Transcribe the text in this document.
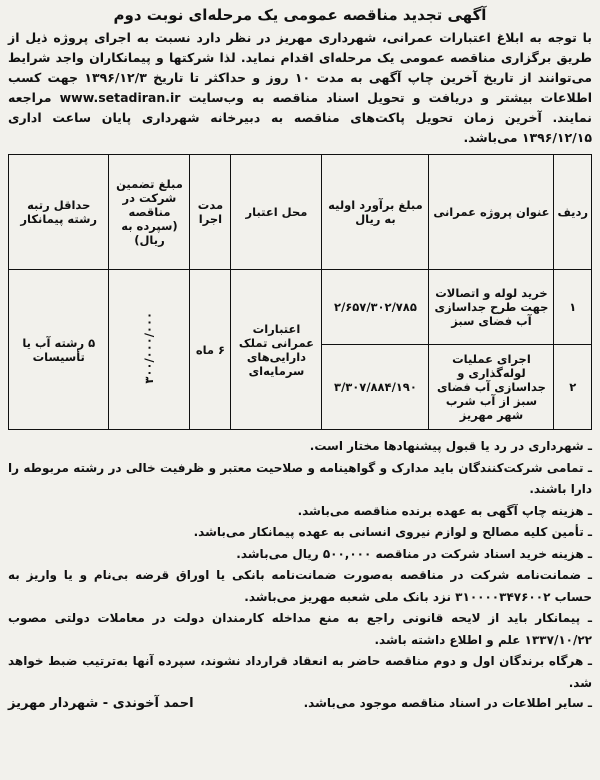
آگهی تجدید مناقصه عمومی یک مرحله‌ای نوبت دوم
با توجه به ابلاغ اعتبارات عمرانی، شهرداری مهریز در نظر دارد نسبت به اجرای پروژه ذیل از طریق برگزاری مناقصه عمومی یک مرحله‌ای اقدام نماید. لذا شرکتها و پیمانکاران واجد شرایط می‌توانند از تاریخ آخرین چاپ آگهی به مدت ۱۰ روز و حداکثر تا تاریخ ۱۳۹۶/۱۲/۳ جهت کسب اطلاعات بیشتر و دریافت و تحویل اسناد مناقصه به وب‌سایت www.setadiran.ir مراجعه نمایند. آخرین زمان تحویل پاکت‌های مناقصه به دبیرخانه شهرداری پایان ساعت اداری ۱۳۹۶/۱۲/۱۵ می‌باشد.
ردیف	عنوان پروژه عمرانی	مبلغ برآورد اولیه به ریال	محل اعتبار	مدت اجرا	مبلغ تضمین شرکت در مناقصه (سپرده به ریال)	حداقل رتبه رشته پیمانکار
۱	خرید لوله و اتصالات جهت طرح جداسازی آب فضای سبز	۲/۶۵۷/۳۰۲/۷۸۵	اعتبارات عمرانی تملک دارایی‌های سرمایه‌ای	۶ ماه	۳۰۰/۰۰۰/۰۰۰	۵ رشته آب یا تأسیسات
۲	اجرای عملیات لوله‌گذاری و جداسازی آب فضای سبز از آب شرب شهر مهریز	۳/۳۰۷/۸۸۴/۱۹۰				

ـ شهرداری در رد یا قبول پیشنهادها مختار است.

ـ تمامی شرکت‌کنندگان باید مدارک و گواهینامه و صلاحیت معتبر و ظرفیت خالی در رشته مربوطه را دارا باشند.

ـ هزینه چاپ آگهی به عهده برنده مناقصه می‌باشد.

ـ تأمین کلیه مصالح و لوازم نیروی انسانی به عهده پیمانکار می‌باشد.

ـ هزینه خرید اسناد شرکت در مناقصه ۵۰۰,۰۰۰ ریال می‌باشد.

ـ ضمانت‌نامه شرکت در مناقصه به‌صورت ضمانت‌نامه بانکی یا اوراق قرضه بی‌نام و یا واریز به حساب ۳۱۰۰۰۰۳۴۷۶۰۰۲ نزد بانک ملی شعبه مهریز می‌باشد.

ـ پیمانکار باید از لایحه قانونی راجع به منع مداخله کارمندان دولت در معاملات دولتی مصوب ۱۳۳۷/۱۰/۲۲ علم و اطلاع داشته باشد.

ـ هرگاه برندگان اول و دوم مناقصه حاضر به انعقاد قرارداد نشوند، سپرده آنها به‌ترتیب ضبط خواهد شد.

ـ سایر اطلاعات در اسناد مناقصه موجود می‌باشد.
احمد آخوندی - شهردار مهریز
